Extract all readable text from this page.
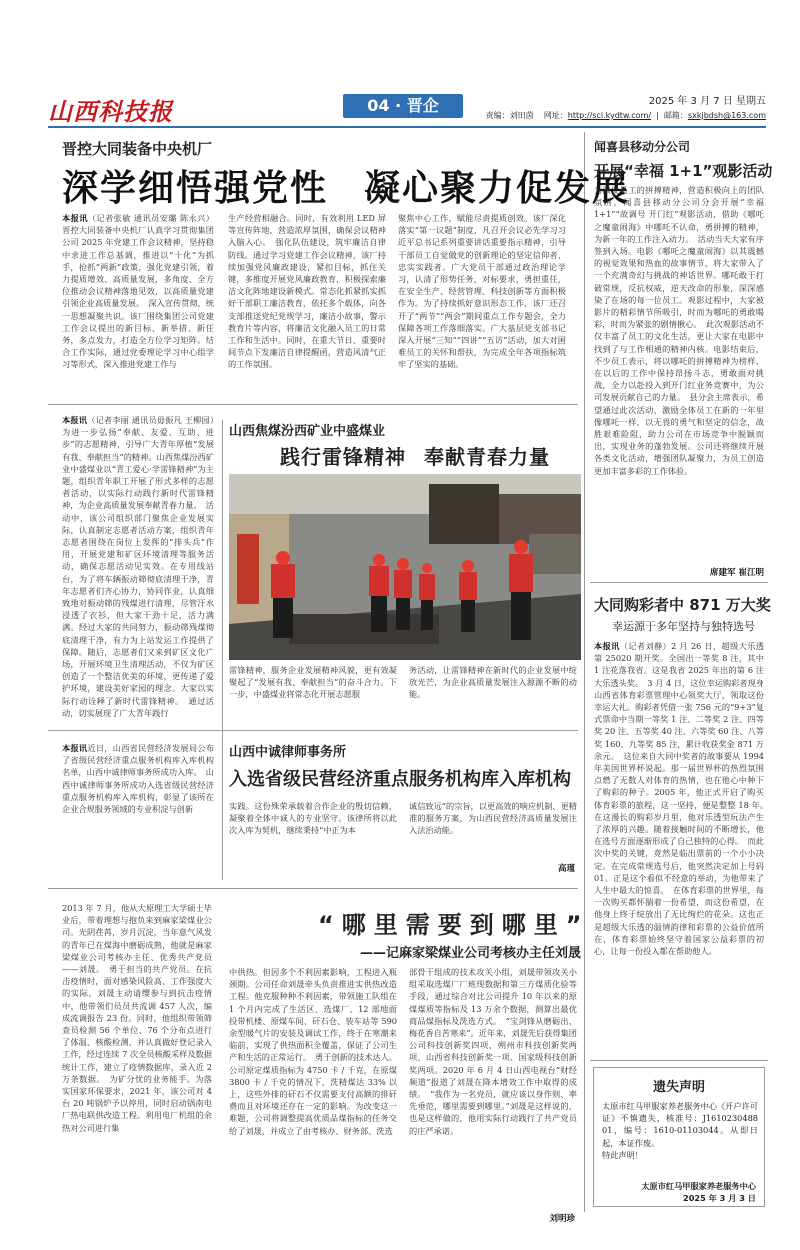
山西科技报	04 · 晋企	2025 年 3 月 7 日 星期五
责编：刘田茵 网址：http://sci.kydtw.com/  |  邮箱：sxkjbdsh@163.com
晋控大同装备中央机厂
深学细悟强党性 凝心聚力促发展
本报讯（记者张敏 通讯员安璐 陈永兴）晋控大同装备中央机厂认真学习贯彻集团公司 2025 年党建工作会议精神，坚持稳中求进工作总基调，推进以“十化”为抓手，抢抓“两新”政策，强化党建引领，着力提质增效、高质量发展，多角度、全方位推动会议精神落地见效，以高质量党建引领企业高质量发展。　深入宣传贯彻，统一思想凝聚共识。该厂围绕集团公司党建工作会议提出的新目标、新举措、新任务，多点发力，打造全方位学习矩阵。结合工作实际，通过党委理论学习中心组学习等形式，深入推进党建工作与
生产经营相融合。同时，有效利用 LED 屏等宣传阵地，营造浓厚氛围，确保会议精神入脑入心。　强化队伍建设，筑牢廉洁自律防线。通过学习党建工作会议精神，该厂持续加强党风廉政建设，紧扣目标，抓住关键，多维度开展党风廉政教育，积极探索廉洁文化阵地建设新模式。常态化抓紧抓实抓好干部职工廉洁教育，依托多个载体，向各支部推送党纪党规学习，廉洁小故事，警示教育片等内容，将廉洁文化融入员工的日常工作和生活中。同时，在重大节日、重要时间节点下发廉洁自律提醒函，营造风清气正的工作氛围。
聚焦中心工作，赋能尽责提质创效。该厂深化落实“第一议题”制度，凡召开会议必先学习习近平总书记系列重要讲话重要指示精神，引导干部员工自觉做党的创新理论的坚定信仰者、忠实实践者。广大党员干部通过政治理论学习，认清了形势任务，对标要求，勇担重任，在安全生产、经营管理、科技创新等方面积极作为。为了持续抓好意识形态工作，该厂还召开了“两节”“两会”期间重点工作专题会，全力保障各项工作落细落实。广大基层党支部书记深入开展“三知”“四讲”“五访”活动，加大对困难员工的关怀和帮扶，为完成全年各项指标筑牢了坚实的基础。
本报讯（记者李丽 通讯员毋振凡 王柳园）为进一步弘扬“奉献、友爱、互助、进步”的志愿精神，引导广大青年厚植“发展有我、奉献担当”的精神。山西焦煤汾西矿业中盛煤业以“青工爱心·学雷锋精神”为主题，组织青年职工开展了形式多样的志愿者活动，以实际行动践行新时代雷锋精神，为企业高质量发展奉献青春力量。　活动中，该公司组织部门聚焦企业发展实际，认真制定志愿者活动方案，组织青年志愿者围绕在岗位上发挥的“排头兵”作用，开展党建和矿区环境清理等服务活动，确保志愿活动见实效。在专用线站台，为了将车辆振动筛彻底清理干净，青年志愿者们齐心协力，协同作业，认真细致地对振动筛的残煤进行清理，尽管汗水浸透了衣衫，但大家干劲十足，活力满满。经过大家的共同努力，振动筛残煤彻底清理干净，有力为上站发运工作提供了保障。随后，志愿者们又来到矿区文化广场，开展环境卫生清理活动，不仅为矿区创造了一个整洁优美的环境，更传递了爱护环境，建设美好家园的理念。大家以实际行动诠释了新时代雷锋精神。　通过活动，切实展现了广大青年践行
山西焦煤汾西矿业中盛煤业
践行雷锋精神 奉献青春力量
雷锋精神，服务企业发展精神风貌，更有效凝聚起了“发展有我、奉献担当”的奋斗合力。下一步，中盛煤业将常态化开展志愿服
务活动，让雷锋精神在新时代的企业发展中绽放光芒，为企业高质量发展注入源源不断的动能。
本报讯近日，山西省民营经济发展局公布了省级民营经济重点服务机构库入库机构名单，山西中诚律师事务所成功入库。　山西中诚律师事务所成功入选省级民营经济重点服务机构库入库机构，彰显了该所在企业合规服务领域的专业积淀与创新
山西中诚律师事务所
入选省级民营经济重点服务机构库入库机构
实践。这份殊荣承载着合作企业的殷切信赖，凝聚着全体中诚人的专业坚守。该律所将以此次入库为契机，继续秉持“中正为本
诚信致远”的宗旨，以更高效的响应机制、更精准的服务方案，为山西民营经济高质量发展注入法治动能。
高瑾
“哪里需要到哪里”
——记麻家梁煤业公司考核办主任刘晟
2013 年 7 月，他从大原理工大学硕士毕业后，带着理想与抱负来到麻家梁煤业公司。光阴荏苒，岁月沉淀，当年意气风发的青年已在煤海中磨砺成熟，他就是麻家梁煤业公司考核办主任、优秀共产党员——刘晟。　勇于担当的共产党员。在抗击疫情时，面对感染风险高、工作强度大的实际，刘晟主动请缨参与到抗击疫情中，他带领们员员共流调 457 人次，编成流调报告 23 份。同时，他组织带领筛查员检测 56 个单位、76 个分布点进行了体温、核酸检测，并认真做好登记录入工作，经过连续 7 次全员核酸采样及数据统计工作，建立了疫情数据库，录入近 2 万条数据。　为矿分忧的业务能手。为落实国家环保要求，2021 年，该公司对 4 台 20 吨锅炉予以停用，同时启动锅南电厂热电联供改造工程。利用电厂机组的余热对公司进行集
中供热。但因多个不利因素影响，工程进入瓶颈期。公司任命刘晟牵头负责推进实供热改造工程。他克服种种不利因素，带领施工队组在 1 个月内完成了生活区、选煤厂、12 部地面投带机楼、原煤车间、矸石仓、装车站等 590 余型暖气片的安装及调试工作，终于在寒潮来临前，实现了供热面积全覆盖，保证了公司生产和生活的正常运行。　勇于创新的技术达人。公司原定煤质指标为 4750 卡 / 千克，在原煤 3800 卡 / 千克的情况下，洗精煤达 33% 以上，这些外排的矸石不仅需要支付高额的排矸费而且对环境还存在一定的影响。为改变这一难题，公司将调整提高优质品煤指标的任务交给了刘晟，并成立了由考核办、财务部、洗选
部骨干组成的技术攻关小组，刘晟带领攻关小组采取选煤厂厂班现数据和第三方煤质化验等手段，通过综合对比公司提升 10 年以来的原煤煤质等指标及 13 万余个数据，测算出最优商品煤指标及洗选方式。　“宝剑锋从磨砺出，梅花香自苦寒来”。近年来，刘晟先后获得集团公司科技创新奖四项，朔州市科技创新奖两项、山西省科技创新奖一项、国家级科技创新奖两项。2020 年 6 月 4 日山西电视台“财经频道”报道了刘晟在降本增效工作中取得的成绩。　“我作为一名党员，就应该以身作则、率先垂范，哪里需要到哪里。”刘晟是这样说的，也是这样做的，他用实际行动践行了共产党员的庄严承诺。
刘明珍
闻喜县移动分公司
开展“幸福 1+1”观影活动
为激发员工的拼搏精神，营造积极向上的团队氛围，闻喜县移动分公司分会开展“幸福 1+1”“故调号 开门红”观影活动，借助《哪吒之魔童闹海》中哪吒不认命，勇拼搏的精神，为新一年的工作注入动力。　活动当天大家有序签到入场。电影《哪吒之魔童闹海》以其震撼的视觉效果和热血的故事情节，将大家带入了一个充满奇幻与挑战的神话世界。哪吒敢于打破常规，反抗权威，逆天改命的形象，深深感染了在场的每一位员工。观影过程中，大家被影片的精彩情节所吸引，时而为哪吒的勇敢喝彩，时而为紧张的剧情揪心。　此次观影活动不仅丰富了员工的文化生活，更让大家在电影中找到了与工作相通的精神内核。电影结束后，不少员工表示，将以哪吒的拼搏精神为榜样，在以后的工作中保持昂扬斗志，勇敢面对挑战，全力以赴投入到开门红业务竞赛中，为公司发展贡献自己的力量。　县分会主席表示，希望通过此次活动，激励全体员工在新的一年里像哪吒一样，以无畏的勇气和坚定的信念，战胜艰难险阻，助力公司在市场竞争中脱颖而出，实现业务的蓬勃发展。公司还将继续开展各类文化活动，增强团队凝聚力，为员工创造更加丰富多彩的工作体验。
席建军 崔江明
大同购彩者中 871 万大奖
幸运源于多年坚持与独特选号
本报讯（记者刘静）2 月 26 日，超级大乐透第 25020 期开奖。全国出一等奖 8 注，其中 1 注花落我省。这是我省 2025 年出的第 6 注大乐透头奖。　3 月 4 日，这位幸运购彩者现身山西省体育彩票管理中心领奖大厅，领取这份幸运大礼。购彩者凭借一张 756 元的“9+3”复式票命中当期一等奖 1 注、二等奖 2 注、四等奖 20 注、五等奖 40 注、六等奖 60 注、八等奖 160、九等奖 85 注，累计收获奖金 871 万余元。　这位来自大同中奖者的故事要从 1994 年美国世界杯说起。那一届世界杯的热烈氛围点燃了无数人对体育的热情，也在他心中种下了购彩的种子。2005 年，他正式开启了购买体育彩票的旅程，这一坚持，便是整整 18 年。　在这漫长的购彩岁月里，他对乐透型玩法产生了浓厚的兴趣。随着接触时间的不断增长，他在选号方面逐渐形成了自己独特的心得。　而此次中奖的关键，竟然是临出票前的一个小小决定。在完成常规选号后，他突然决定加上号码 01。正是这个看似不经意的举动，为他带来了人生中最大的惊喜。　在体育彩票的世界里，每一次购买都怀揣着一份希望，而这份希望，在他身上终于绽放出了无比绚烂的花朵。这也正是超级大乐透的温情韵律和彩票的公益价值所在，体育彩票始终坚守着国家公益彩票的初心，让每一份投入都在帮助他人。
遗失声明
太原市红马甲服家养老服务中心《开户许可证》不慎遗失，核准号：J1610230488 01，编号：1610-01103044。从即日起，本证作废。
特此声明！
太原市红马甲服家养老服务中心
2025 年 3 月 3 日
